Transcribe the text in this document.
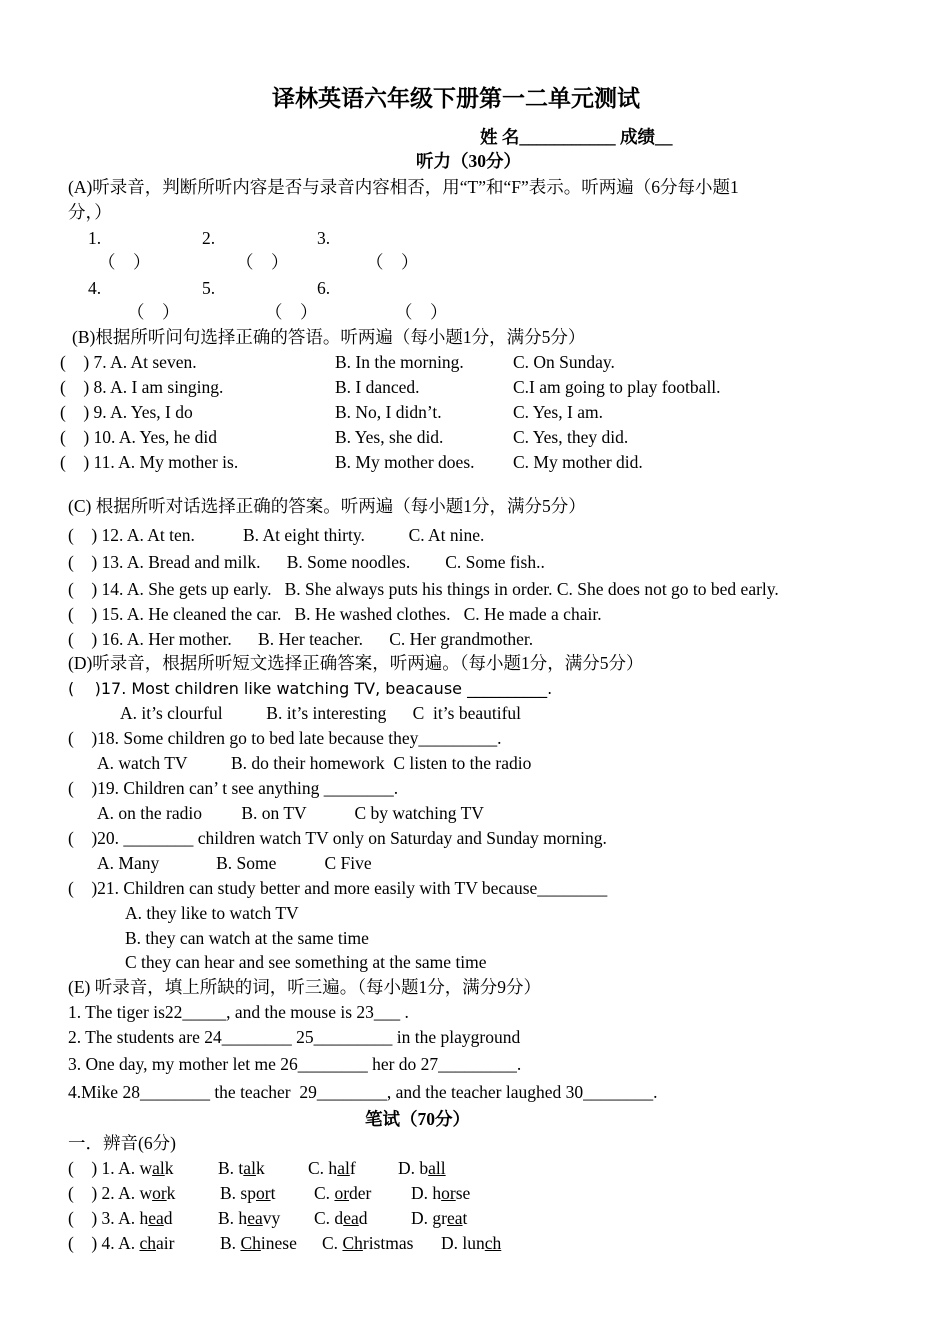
译林英语六年级下册第一二单元测试
姓 名___________ 成绩__
听力（30分）
(A)听录音，判断所听内容是否与录音内容相否，用“T”和“F”表示。听两遍（6分每小题1
分，）
1.	2.	3.
（    ）	（    ）	（    ）
4.	5.	6.
（    ）	（    ）	（    ）
(B)根据所听问句选择正确的答语。听两遍（每小题1分，满分5分）
(    ) 7. A. At seven.	B. In the morning.	C. On Sunday.
(    ) 8. A. I am singing.	B. I danced.	C.I am going to play football.
(    ) 9. A. Yes, I do	B. No, I didn’t.	C. Yes, I am.
(    ) 10. A. Yes, he did	B. Yes, she did.	C. Yes, they did.
(    ) 11. A. My mother is.	B. My mother does. C. My mother did.
(C) 根据所听对话选择正确的答案。听两遍（每小题1分，满分5分）
(    ) 12. A. At ten.           B. At eight thirty.          C. At nine.
(    ) 13. A. Bread and milk.      B. Some noodles.        C. Some fish..
(    ) 14. A. She gets up early.   B. She always puts his things in order. C. She does not go to bed early.
(    ) 15. A. He cleaned the car.   B. He washed clothes.   C. He made a chair.
(    ) 16. A. Her mother.      B. Her teacher.      C. Her grandmother.
(D)听录音，根据所听短文选择正确答案，听两遍。（每小题1分，满分5分）
(    )17. Most children like watching TV, beacause __________.
A. it’s clourful          B. it’s interesting      C  it’s beautiful
(    )18. Some children go to bed late because they_________.
A. watch TV          B. do their homework  C listen to the radio
(    )19. Children can’ t see anything ________.
A. on the radio         B. on TV           C by watching TV
(    )20. ________ children watch TV only on Saturday and Sunday morning.
A. Many             B. Some           C Five
(    )21. Children can study better and more easily with TV because________
A. they like to watch TV
B. they can watch at the same time
C they can hear and see something at the same time
(E) 听录音，填上所缺的词，听三遍。（每小题1分，满分9分）
1. The tiger is22_____, and the mouse is 23___ .
2. The students are 24________ 25_________ in the playground
3. One day, my mother let me 26________ her do 27_________.
4.Mike 28________ the teacher  29________, and the teacher laughed 30________.
笔试（70分）
一．辨音(6分)
(    ) 1. A. walk	B. talk C. half D. ball
(    ) 2. A. work	B. sport C. order D. horse
(    ) 3. A. head	B. heavy C. dead D. great
(    ) 4. A. chair	B. Chinese C. Christmas D. lunch
